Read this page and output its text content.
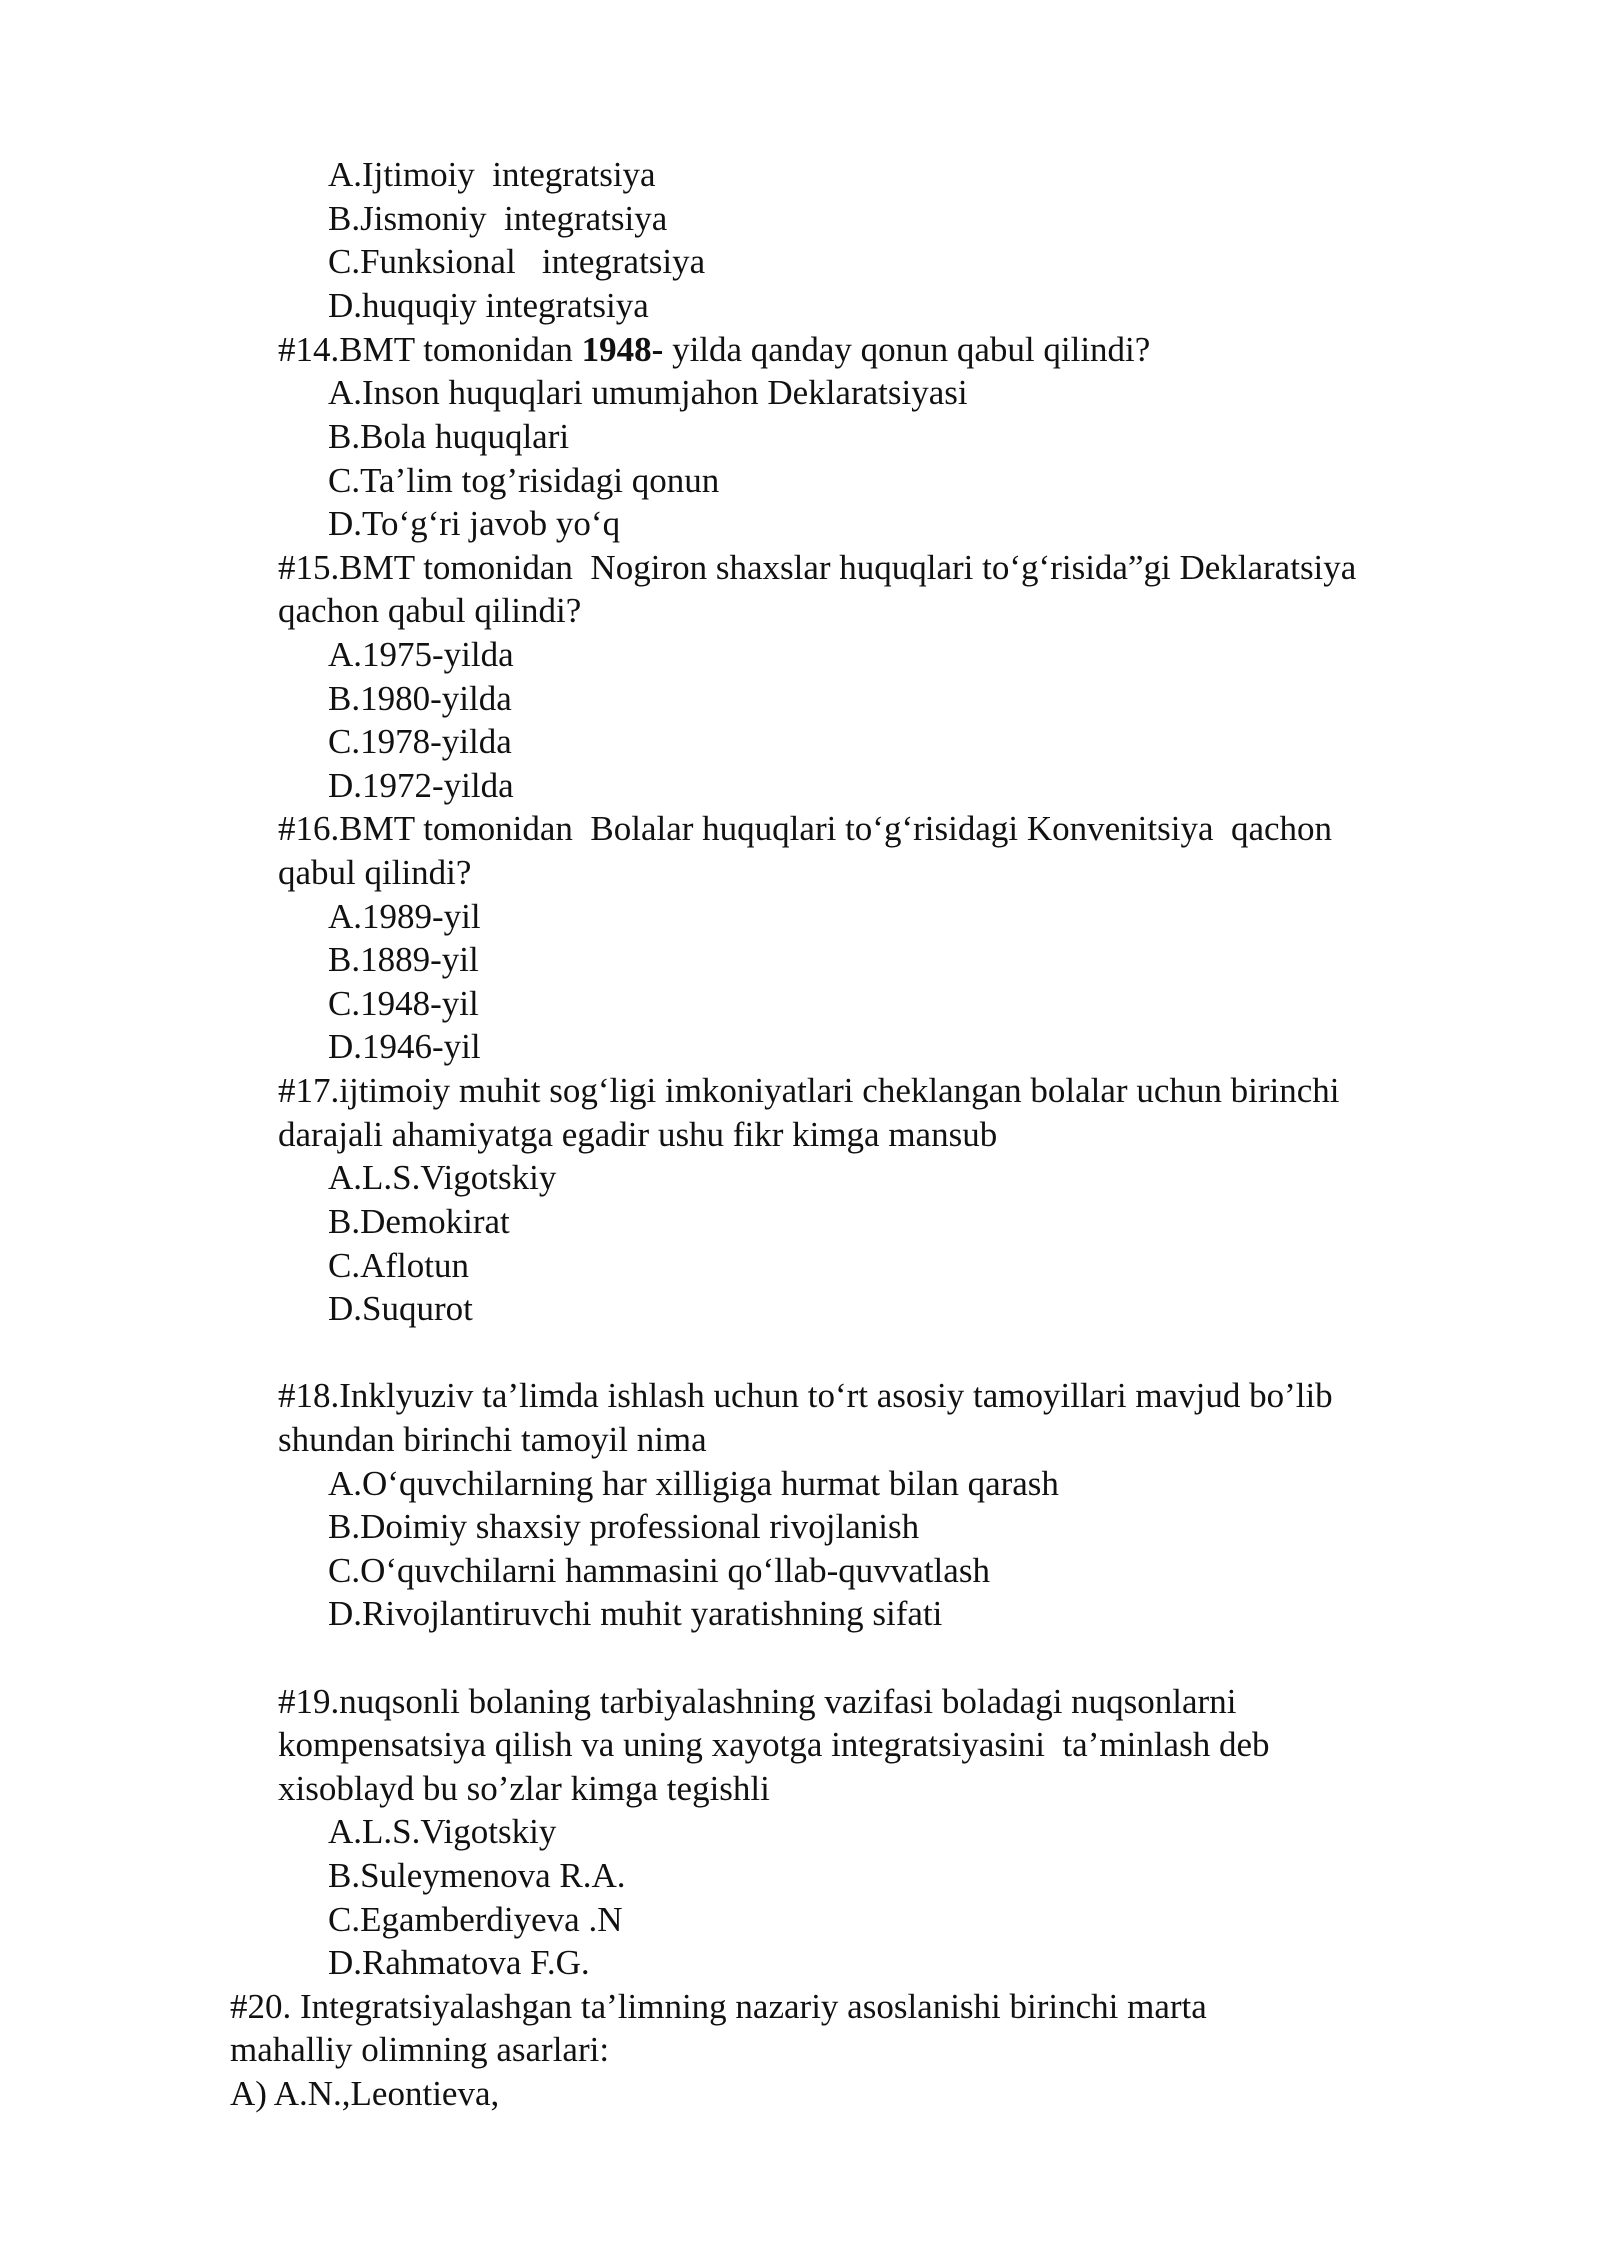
A.Ijtimoiy  integratsiya
B.Jismoniy  integratsiya
C.Funksional   integratsiya
D.huquqiy integratsiya
#14.BMT tomonidan 1948- yilda qanday qonun qabul qilindi?
A.Inson huquqlari umumjahon Deklaratsiyasi
B.Bola huquqlari
C.Ta’lim tog’risidagi qonun
D.To‘g‘ri javob yo‘q
#15.BMT tomonidan  Nogiron shaxslar huquqlari to‘g‘risida”gi Deklaratsiya
qachon qabul qilindi?
A.1975-yilda
B.1980-yilda
C.1978-yilda
D.1972-yilda
#16.BMT tomonidan  Bolalar huquqlari to‘g‘risidagi Konvenitsiya  qachon
qabul qilindi?
A.1989-yil
B.1889-yil
C.1948-yil
D.1946-yil
#17.ijtimoiy muhit sog‘ligi imkoniyatlari cheklangan bolalar uchun birinchi
darajali ahamiyatga egadir ushu fikr kimga mansub
A.L.S.Vigotskiy
B.Demokirat
C.Aflotun
D.Suqurot
#18.Inklyuziv ta’limda ishlash uchun to‘rt asosiy tamoyillari mavjud bo’lib
shundan birinchi tamoyil nima
A.O‘quvchilarning har xilligiga hurmat bilan qarash
B.Doimiy shaxsiy professional rivojlanish
C.O‘quvchilarni hammasini qo‘llab-quvvatlash
D.Rivojlantiruvchi muhit yaratishning sifati
#19.nuqsonli bolaning tarbiyalashning vazifasi boladagi nuqsonlarni
kompensatsiya qilish va uning xayotga integratsiyasini  ta’minlash deb
xisoblayd bu so’zlar kimga tegishli
A.L.S.Vigotskiy
B.Suleymenova R.A.
C.Egamberdiyeva .N
D.Rahmatova F.G.
#20. Integratsiyalashgan ta’limning nazariy asoslanishi birinchi marta
mahalliy olimning asarlari:
A) A.N.,Leontieva,
